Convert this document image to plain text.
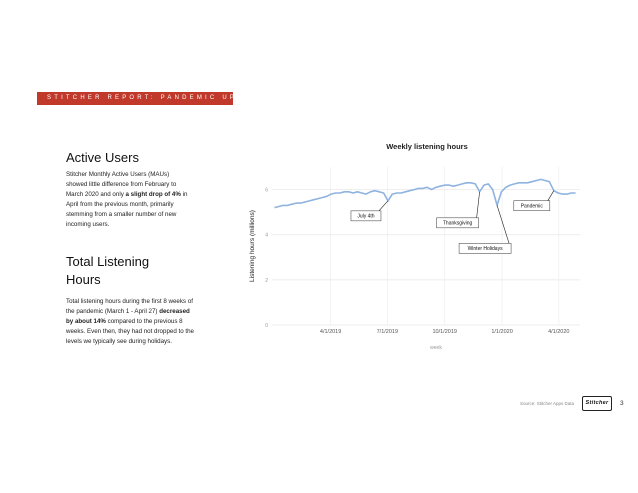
STITCHER REPORT: PANDEMIC UPDATE
Active Users
Stitcher Monthly Active Users (MAUs) showed little difference from February to March 2020 and only a slight drop of 4% in April from the previous month, primarily stemming from a smaller number of new incoming users.
Total Listening Hours
Total listening hours during the first 8 weeks of the pandemic (March 1 - April 27) decreased by about 14% compared to the previous 8 weeks. Even then, they had not dropped to the levels we typically see during holidays.
Weekly listening hours
0
2
4
6
4/1/2019	7/1/2019	10/1/2019	1/1/2020	4/1/2020
week
Listening hours (millions)	July 4th
Thanksgiving
Winter Holidays
Pandemic
Source: Stitcher Apps Data	Stitcher	3
